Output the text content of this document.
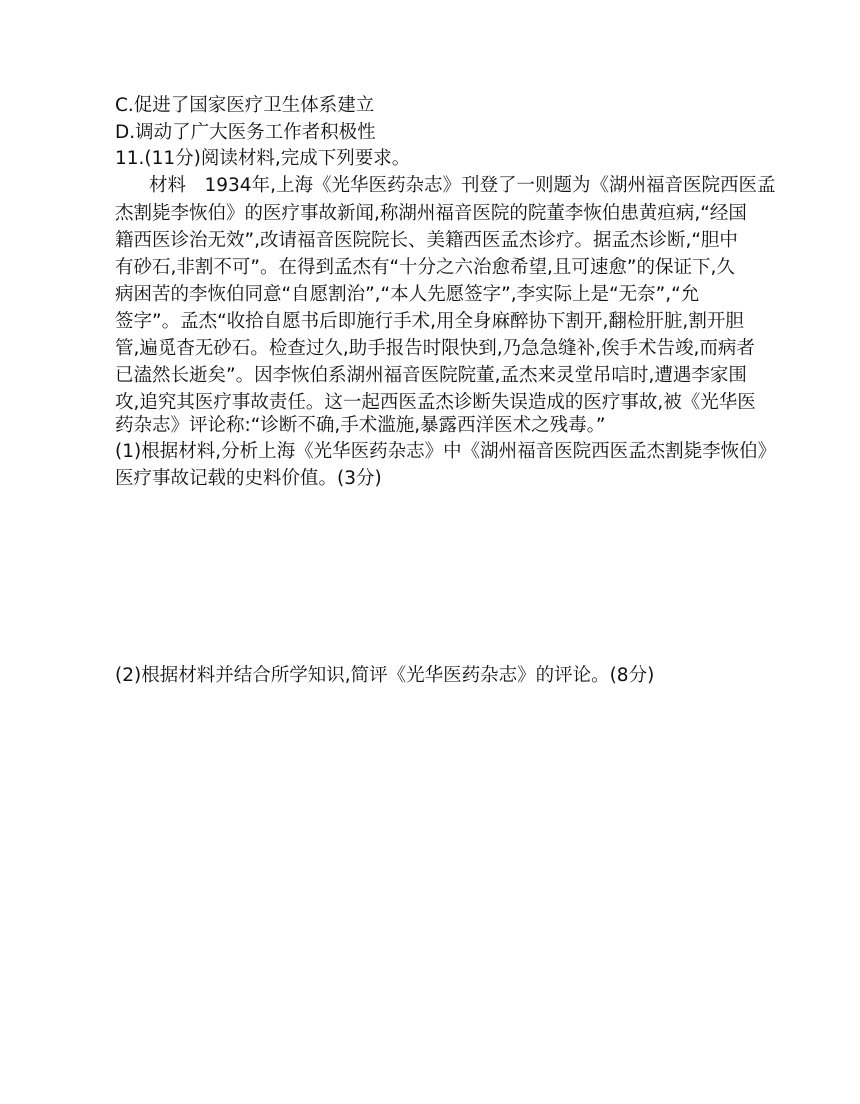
C.促进了国家医疗卫生体系建立
D.调动了广大医务工作者积极性
11.(11分)阅读材料,完成下列要求。
材料　1934年,上海《光华医药杂志》刊登了一则题为《湖州福音医院西医孟
杰割毙李恢伯》的医疗事故新闻,称湖州福音医院的院董李恢伯患黄疸病,“经国
籍西医诊治无效”,改请福音医院院长、美籍西医孟杰诊疗。据孟杰诊断,“胆中
有砂石,非割不可”。在得到孟杰有“十分之六治愈希望,且可速愈”的保证下,久
病困苦的李恢伯同意“自愿割治”,“本人先愿签字”,李实际上是“无奈”,“允
签字”。孟杰“收拾自愿书后即施行手术,用全身麻醉协下割开,翻检肝脏,割开胆
管,遍觅杳无砂石。检查过久,助手报告时限快到,乃急急缝补,俟手术告竣,而病者
已溘然长逝矣”。因李恢伯系湖州福音医院院董,孟杰来灵堂吊唁时,遭遇李家围
攻,追究其医疗事故责任。这一起西医孟杰诊断失误造成的医疗事故,被《光华医
药杂志》评论称:“诊断不确,手术滥施,暴露西洋医术之残毒。”
(1)根据材料,分析上海《光华医药杂志》中《湖州福音医院西医孟杰割毙李恢伯》
医疗事故记载的史料价值。(3分)
(2)根据材料并结合所学知识,简评《光华医药杂志》的评论。(8分)
